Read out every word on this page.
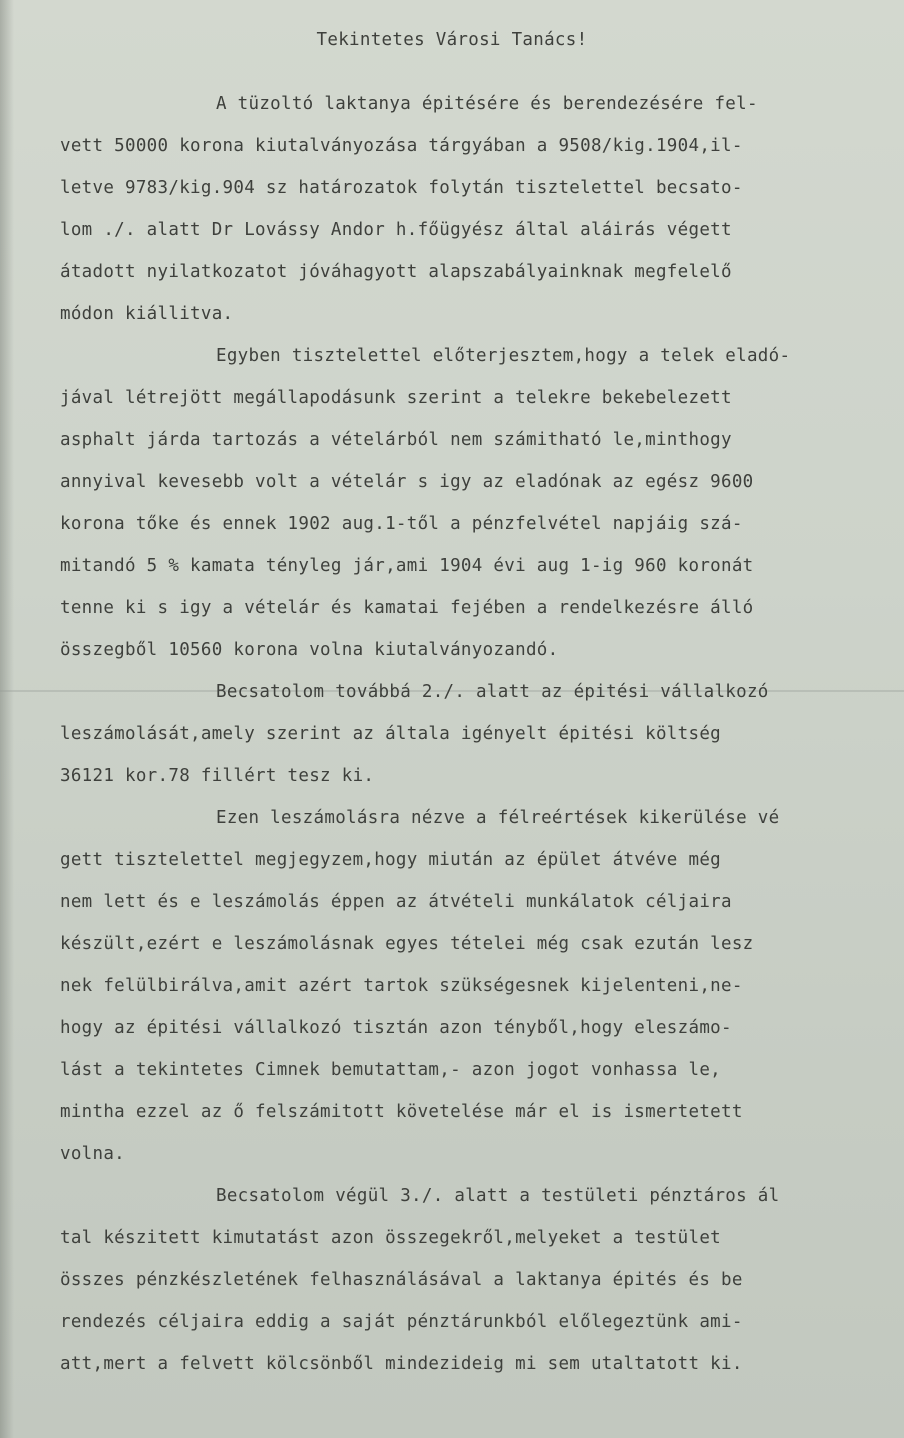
Tekintetes Városi Tanács!
A tüzoltó laktanya épitésére és berendezésére fel-
vett 50000 korona kiutalványozása tárgyában a 9508/kig.1904,il-
letve 9783/kig.904 sz határozatok folytán tisztelettel becsato-
lom ./. alatt Dr Lovássy Andor h.főügyész által aláirás végett
átadott nyilatkozatot jóváhagyott alapszabályainknak megfelelő
módon kiállitva.
Egyben tisztelettel előterjesztem,hogy a telek eladó-
jával létrejött megállapodásunk szerint a telekre bekebelezett
asphalt járda tartozás a vételárból nem számitható le,minthogy
annyival kevesebb volt a vételár s igy az eladónak az egész 9600
korona tőke és ennek 1902 aug.1-től a pénzfelvétel napjáig szá-
mitandó 5 % kamata tényleg jár,ami 1904 évi aug 1-ig 960 koronát
tenne ki s igy a vételár és kamatai fejében a rendelkezésre álló
összegből 10560 korona volna kiutalványozandó.
Becsatolom továbbá 2./. alatt az épitési vállalkozó
leszámolását,amely szerint az általa igényelt épitési költség
36121 kor.78 fillért tesz ki.
Ezen leszámolásra nézve a félreértések kikerülése vé
gett tisztelettel megjegyzem,hogy miután az épület átvéve még
nem lett és e leszámolás éppen az átvételi munkálatok céljaira
készült,ezért e leszámolásnak egyes tételei még csak ezután lesz
nek felülbirálva,amit azért tartok szükségesnek kijelenteni,ne-
hogy az épitési vállalkozó tisztán azon tényből,hogy eleszámo-
lást a tekintetes Cimnek bemutattam,- azon jogot vonhassa le,
mintha ezzel az ő felszámitott követelése már el is ismertetett
volna.
Becsatolom végül 3./. alatt a testületi pénztáros ál
tal készitett kimutatást azon összegekről,melyeket a testület
összes pénzkészletének felhasználásával a laktanya épités és be
rendezés céljaira eddig a saját pénztárunkból előlegeztünk ami-
att,mert a felvett kölcsönből mindezideig mi sem utaltatott ki.
